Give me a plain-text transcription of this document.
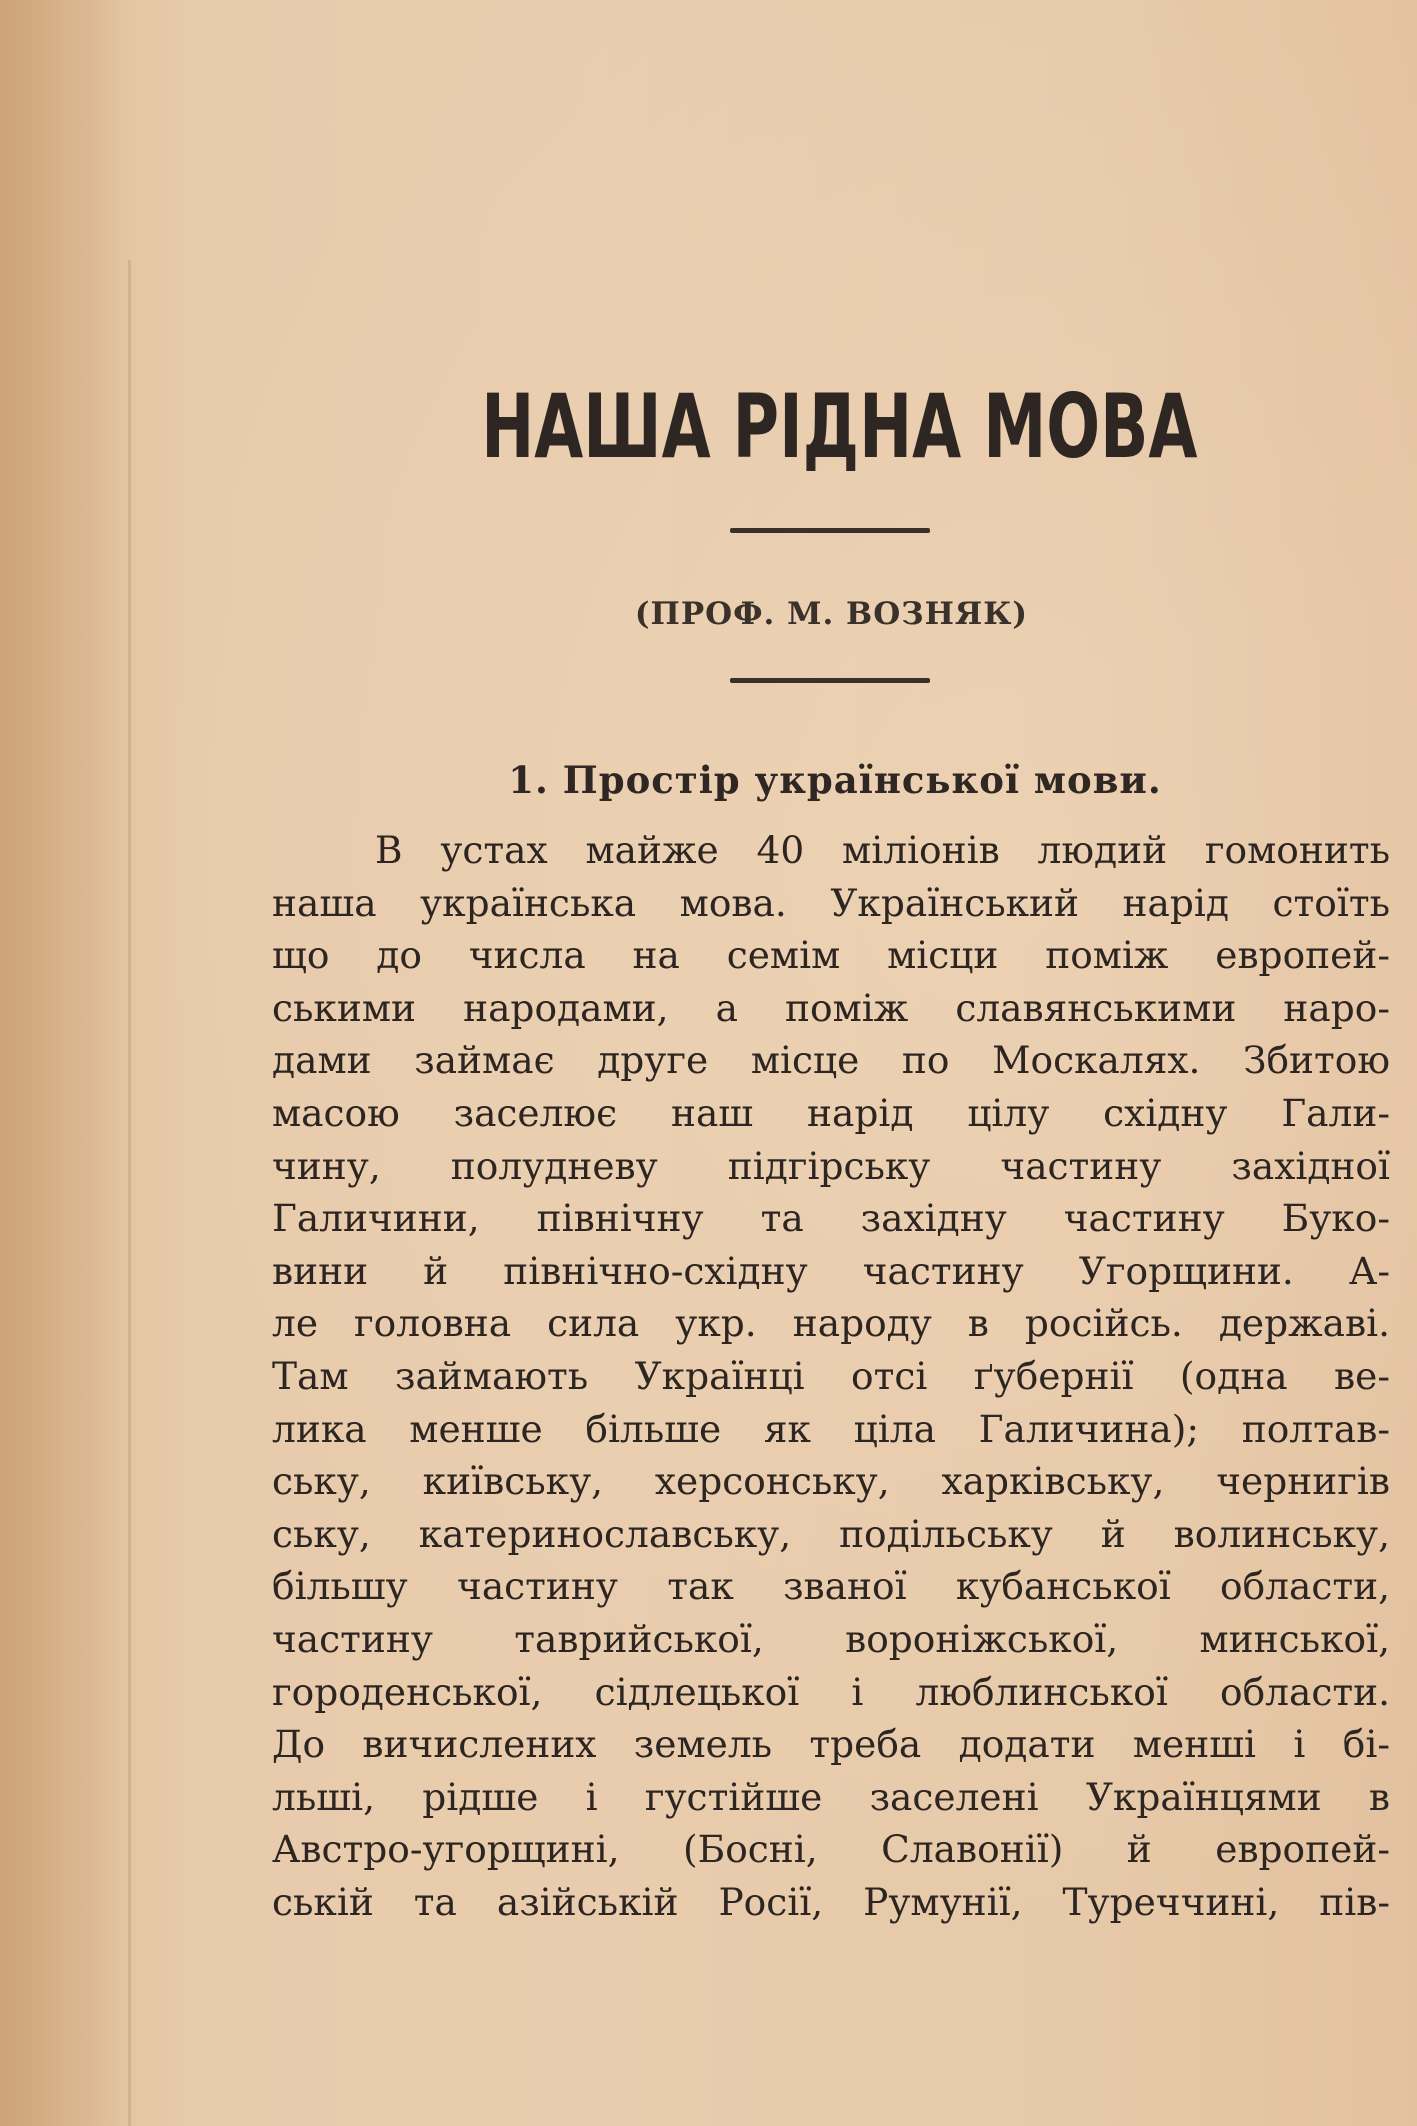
НАША РІДНА МОВА
(ПРОФ. М. ВОЗНЯК)
1. Простір української мови.
В устах майже 40 міліонів людий гомонить
наша українська мова. Український нарід стоїть
що до числа на семім місци поміж европей-
ськими народами, а поміж славянськими наро-
дами займає друге місце по Москалях. Збитою
масою заселює наш нарід цілу східну Гали-
чину, полудневу підгірську частину західної
Галичини, північну та західну частину Буко-
вини й північно-східну частину Угорщини. А-
ле головна сила укр. народу в російсь. державі.
Там займають Українці отсі ґубернії (одна ве-
лика менше більше як ціла Галичина); полтав-
ську, київську, херсонську, харківську, чернигів
ську, катеринославську, подільську й волинську,
більшу частину так званої кубанської области,
частину таврийської, вороніжської, минської,
городенської, сідлецької і люблинської области.
До вичислених земель треба додати менші і бі-
льші, рідше і густійше заселені Українцями в
Австро-угорщині, (Босні, Славонії) й европей-
ській та азійській Росії, Румунії, Туреччині, пів-
